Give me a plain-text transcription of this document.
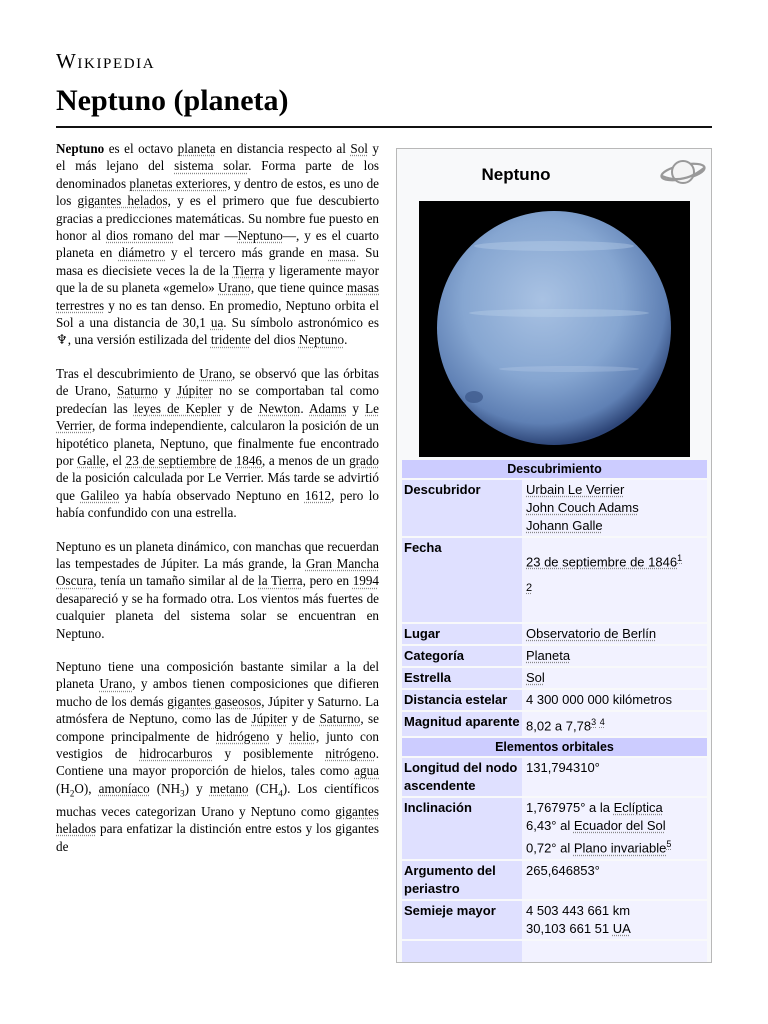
Wikipedia
Neptuno (planeta)

Neptuno es el octavo planeta en distancia respecto al Sol y el más lejano del sistema solar. Forma parte de los denominados planetas exteriores, y dentro de estos, es uno de los gigantes helados, y es el primero que fue descubierto gracias a predicciones matemáticas. Su nombre fue puesto en honor al dios romano del mar —Neptuno—, y es el cuarto planeta en diámetro y el tercero más grande en masa. Su masa es diecisiete veces la de la Tierra y ligeramente mayor que la de su planeta «gemelo» Urano, que tiene quince masas terrestres y no es tan denso. En promedio, Neptuno orbita el Sol a una distancia de 30,1 ua. Su símbolo astronómico es ♆, una versión estilizada del tridente del dios Neptuno.

Tras el descubrimiento de Urano, se observó que las órbitas de Urano, Saturno y Júpiter no se comportaban tal como predecían las leyes de Kepler y de Newton. Adams y Le Verrier, de forma independiente, calcularon la posición de un hipotético planeta, Neptuno, que finalmente fue encontrado por Galle, el 23 de septiembre de 1846, a menos de un grado de la posición calculada por Le Verrier. Más tarde se advirtió que Galileo ya había observado Neptuno en 1612, pero lo había confundido con una estrella.

Neptuno es un planeta dinámico, con manchas que recuerdan las tempestades de Júpiter. La más grande, la Gran Mancha Oscura, tenía un tamaño similar al de la Tierra, pero en 1994 desapareció y se ha formado otra. Los vientos más fuertes de cualquier planeta del sistema solar se encuentran en Neptuno.

Neptuno tiene una composición bastante similar a la del planeta Urano, y ambos tienen composiciones que difieren mucho de los demás gigantes gaseosos, Júpiter y Saturno. La atmósfera de Neptuno, como las de Júpiter y de Saturno, se compone principalmente de hidrógeno y helio, junto con vestigios de hidrocarburos y posiblemente nitrógeno. Contiene una mayor proporción de hielos, tales como agua $(H_2O)$, amoníaco $(NH_3)$ y metano $(CH_4)$. Los científicos muchas veces categorizan Urano y Neptuno como gigantes helados para enfatizar la distinción entre estos y los gigantes de

Neptuno
Descubrimiento	
Descubridor	Urbain Le Verrier
John Couch Adams
Johann Galle
Fecha	23 de septiembre de 1846$^1$

$^2$
Lugar	Observatorio de Berlín
Categoría	Planeta
Estrella	Sol
Distancia estelar	4 300 000 000 kilómetros
Magnitud aparente	8,02 a 7,78$^3$ $^4$
Elementos orbitales	
Longitud del nodo ascendente	131,794310°
Inclinación	1,767975° a la Eclíptica
6,43° al Ecuador del Sol
0,72° al Plano invariable$^5$
Argumento del periastro	265,646853°
Semieje mayor	4 503 443 661 km
30,103 661 51 UA
